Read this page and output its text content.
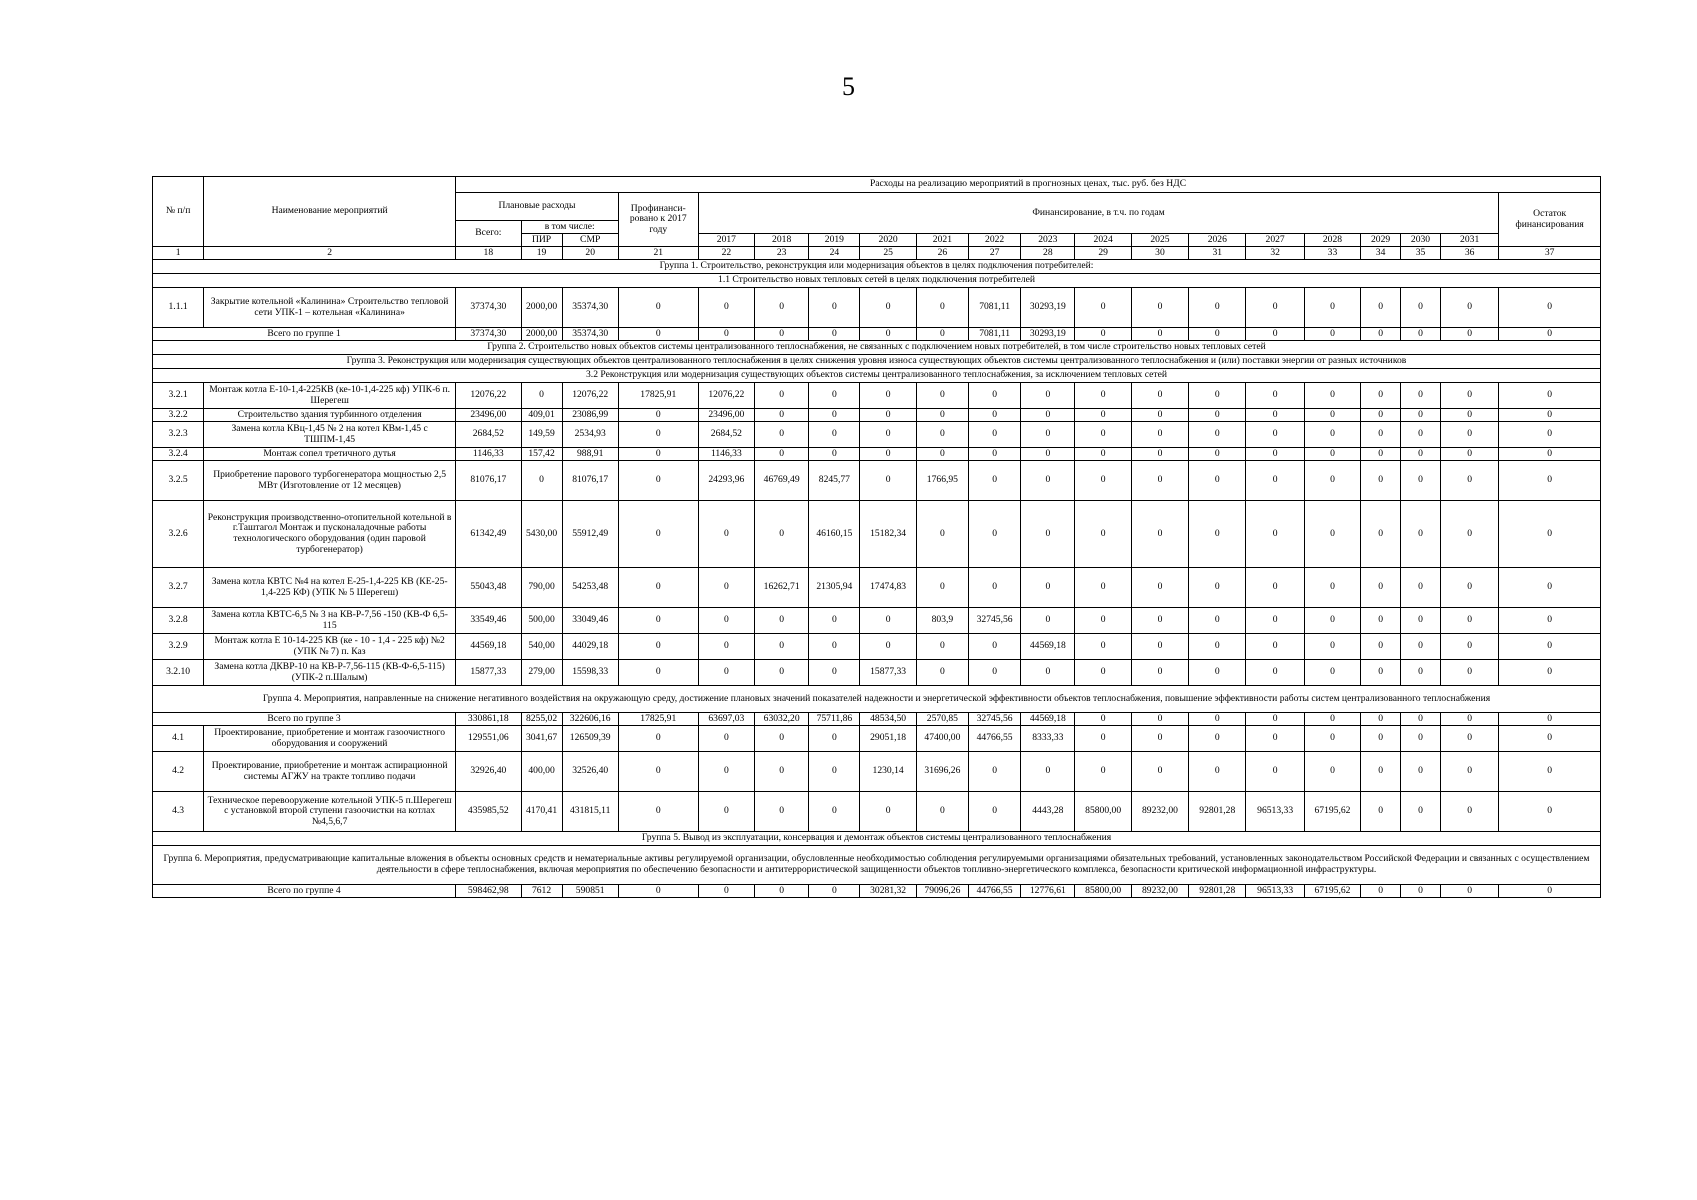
5
№ п/п	Наименование мероприятий	Расходы на реализацию мероприятий в прогнозных ценах, тыс. руб. без НДС																			
		Плановые расходы			Профинанси-ровано к 2017 году	Финансирование, в т.ч. по годам															Остаток финансирования
		Всего:	в том числе:																		
			ПИР	СМР		2017	2018	2019	2020	2021	2022	2023	2024	2025	2026	2027	2028	2029	2030	2031	
1	2	18	19	20	21	22	23	24	25	26	27	28	29	30	31	32	33	34	35	36	37
Группа 1. Строительство, реконструкция или модернизация объектов в целях подключения потребителей:																					
1.1 Строительство новых тепловых сетей в целях подключения потребителей																					
1.1.1	Закрытие котельной «Калинина» Строительство тепловой сети УПК-1 – котельная «Калинина»	37374,30	2000,00	35374,30	0	0	0	0	0	0	7081,11	30293,19	0	0	0	0	0	0	0	0	0
Всего по группе 1		37374,30	2000,00	35374,30	0	0	0	0	0	0	7081,11	30293,19	0	0	0	0	0	0	0	0	0
Группа 2. Строительство новых объектов системы централизованного теплоснабжения, не связанных с подключением новых потребителей, в том числе строительство новых тепловых сетей																					
Группа 3. Реконструкция или модернизация существующих объектов централизованного теплоснабжения в целях снижения уровня износа существующих объектов системы централизованного теплоснабжения и (или) поставки энергии от разных источников																					
3.2 Реконструкция или модернизация существующих объектов системы централизованного теплоснабжения, за исключением тепловых сетей																					
3.2.1	Монтаж котла Е-10-1,4-225КВ (ке-10-1,4-225 кф) УПК-6 п. Шерегеш	12076,22	0	12076,22	17825,91	12076,22	0	0	0	0	0	0	0	0	0	0	0	0	0	0	0
3.2.2	Строительство здания турбинного отделения	23496,00	409,01	23086,99	0	23496,00	0	0	0	0	0	0	0	0	0	0	0	0	0	0	0
3.2.3	Замена котла КВц-1,45 № 2 на котел КВм-1,45 с ТШПМ-1,45	2684,52	149,59	2534,93	0	2684,52	0	0	0	0	0	0	0	0	0	0	0	0	0	0	0
3.2.4	Монтаж сопел третичного дутья	1146,33	157,42	988,91	0	1146,33	0	0	0	0	0	0	0	0	0	0	0	0	0	0	0
3.2.5	Приобретение парового турбогенератора мощностью 2,5 МВт (Изготовление от 12 месяцев)	81076,17	0	81076,17	0	24293,96	46769,49	8245,77	0	1766,95	0	0	0	0	0	0	0	0	0	0	0
3.2.6	Реконструкция производственно-отопительной котельной в г.Таштагол Монтаж и пусконаладочные работы технологического оборудования (один паровой турбогенератор)	61342,49	5430,00	55912,49	0	0	0	46160,15	15182,34	0	0	0	0	0	0	0	0	0	0	0	0
3.2.7	Замена котла КВТС №4 на котел Е-25-1,4-225 КВ (КЕ-25-1,4-225 КФ) (УПК № 5 Шерегеш)	55043,48	790,00	54253,48	0	0	16262,71	21305,94	17474,83	0	0	0	0	0	0	0	0	0	0	0	0
3.2.8	Замена котла КВТС-6,5 № 3 на КВ-Р-7,56 -150 (КВ-Ф 6,5-115	33549,46	500,00	33049,46	0	0	0	0	0	803,9	32745,56	0	0	0	0	0	0	0	0	0	0
3.2.9	Монтаж котла Е 10-14-225 КВ (ке - 10 - 1,4 - 225 кф) №2 (УПК № 7) п. Каз	44569,18	540,00	44029,18	0	0	0	0	0	0	0	44569,18	0	0	0	0	0	0	0	0	0
3.2.10	Замена котла ДКВР-10 на КВ-Р-7,56-115 (КВ-Ф-6,5-115) (УПК-2 п.Шалым)	15877,33	279,00	15598,33	0	0	0	0	15877,33	0	0	0	0	0	0	0	0	0	0	0	0
Группа 4. Мероприятия, направленные на снижение негативного воздействия на окружающую среду, достижение плановых значений показателей надежности и энергетической эффективности объектов теплоснабжения, повышение эффективности работы систем централизованного теплоснабжения																					
Всего по группе 3		330861,18	8255,02	322606,16	17825,91	63697,03	63032,20	75711,86	48534,50	2570,85	32745,56	44569,18	0	0	0	0	0	0	0	0	0
4.1	Проектирование, приобретение и монтаж газоочистного оборудования и сооружений	129551,06	3041,67	126509,39	0	0	0	0	29051,18	47400,00	44766,55	8333,33	0	0	0	0	0	0	0	0	0
4.2	Проектирование, приобретение и монтаж аспирационной системы АГЖУ на тракте топливо подачи	32926,40	400,00	32526,40	0	0	0	0	1230,14	31696,26	0	0	0	0	0	0	0	0	0	0	0
4.3	Техническое перевооружение котельной УПК-5 п.Шерегеш с установкой второй ступени газоочистки на котлах №4,5,6,7	435985,52	4170,41	431815,11	0	0	0	0	0	0	0	4443,28	85800,00	89232,00	92801,28	96513,33	67195,62	0	0	0	0
Группа 5. Вывод из эксплуатации, консервация и демонтаж объектов системы централизованного теплоснабжения																					
Группа 6. Мероприятия, предусматривающие капитальные вложения в объекты основных средств и нематериальные активы регулируемой организации, обусловленные необходимостью соблюдения регулируемыми организациями обязательных требований, установленных законодательством Российской Федерации и связанных с осуществлением деятельности в сфере теплоснабжения, включая мероприятия по обеспечению безопасности и антитеррористической защищенности объектов топливно-энергетического комплекса, безопасности критической информационной инфраструктуры.																					
Всего по группе 4		598462,98	7612	590851	0	0	0	0	30281,32	79096,26	44766,55	12776,61	85800,00	89232,00	92801,28	96513,33	67195,62	0	0	0	0
